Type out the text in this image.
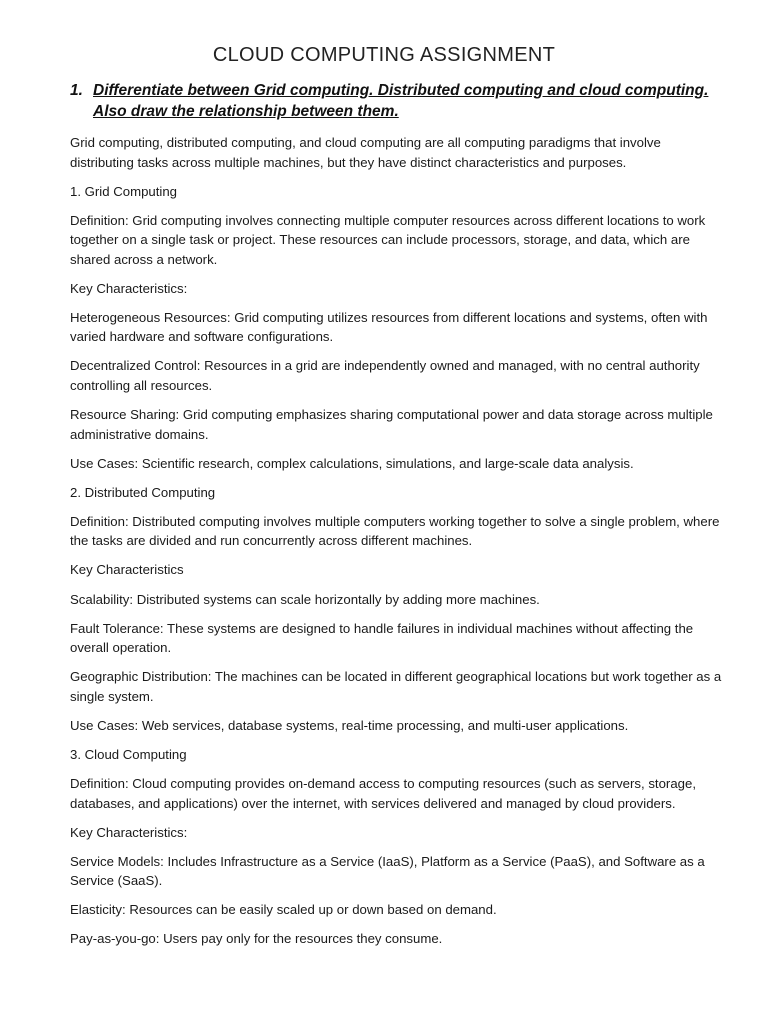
CLOUD COMPUTING ASSIGNMENT
1. Differentiate between Grid computing. Distributed computing and cloud computing. Also draw the relationship between them.

Grid computing, distributed computing, and cloud computing are all computing paradigms that involve distributing tasks across multiple machines, but they have distinct characteristics and purposes.

1. Grid Computing

Definition: Grid computing involves connecting multiple computer resources across different locations to work together on a single task or project. These resources can include processors, storage, and data, which are shared across a network.

Key Characteristics:

Heterogeneous Resources: Grid computing utilizes resources from different locations and systems, often with varied hardware and software configurations.

Decentralized Control: Resources in a grid are independently owned and managed, with no central authority controlling all resources.

Resource Sharing: Grid computing emphasizes sharing computational power and data storage across multiple administrative domains.

Use Cases: Scientific research, complex calculations, simulations, and large-scale data analysis.

2. Distributed Computing

Definition: Distributed computing involves multiple computers working together to solve a single problem, where the tasks are divided and run concurrently across different machines.

Key Characteristics

Scalability: Distributed systems can scale horizontally by adding more machines.

Fault Tolerance: These systems are designed to handle failures in individual machines without affecting the overall operation.

Geographic Distribution: The machines can be located in different geographical locations but work together as a single system.

Use Cases: Web services, database systems, real-time processing, and multi-user applications.

3. Cloud Computing

Definition: Cloud computing provides on-demand access to computing resources (such as servers, storage, databases, and applications) over the internet, with services delivered and managed by cloud providers.

Key Characteristics:

Service Models: Includes Infrastructure as a Service (IaaS), Platform as a Service (PaaS), and Software as a Service (SaaS).

Elasticity: Resources can be easily scaled up or down based on demand.

Pay-as-you-go: Users pay only for the resources they consume.
